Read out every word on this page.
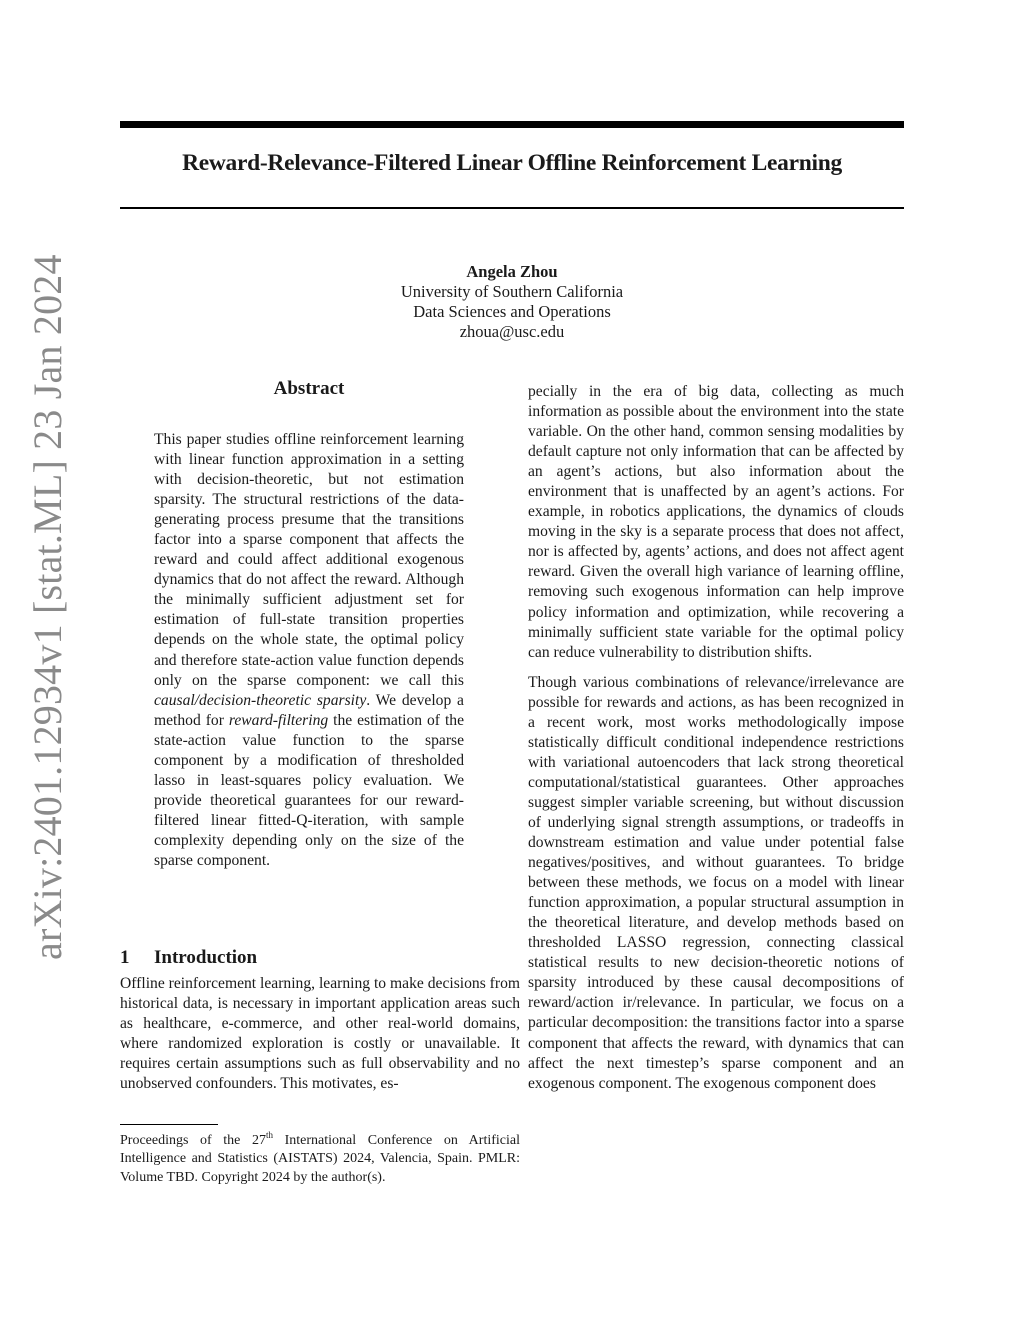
Reward-Relevance-Filtered Linear Offline Reinforcement Learning
Angela Zhou
University of Southern California
Data Sciences and Operations
zhoua@usc.edu
arXiv:2401.12934v1 [stat.ML] 23 Jan 2024	Abstract
This paper studies offline reinforcement learning with linear function approximation in a setting with decision-theoretic, but not estimation sparsity. The structural restrictions of the data-generating process presume that the transitions factor into a sparse component that affects the reward and could affect additional exogenous dynamics that do not affect the reward. Although the minimally sufficient adjustment set for estimation of full-state transition properties depends on the whole state, the optimal policy and therefore state-action value function depends only on the sparse component: we call this causal/decision-theoretic sparsity. We develop a method for reward-filtering the estimation of the state-action value function to the sparse component by a modification of thresholded lasso in least-squares policy evaluation. We provide theoretical guarantees for our reward-filtered linear fitted-Q-iteration, with sample complexity depending only on the size of the sparse component.
1 Introduction
Offline reinforcement learning, learning to make decisions from historical data, is necessary in important application areas such as healthcare, e-commerce, and other real-world domains, where randomized exploration is costly or unavailable. It requires certain assumptions such as full observability and no unobserved confounders. This motivates, es-
Proceedings of the 27th International Conference on Artificial Intelligence and Statistics (AISTATS) 2024, Valencia, Spain. PMLR: Volume TBD. Copyright 2024 by the author(s).

pecially in the era of big data, collecting as much information as possible about the environment into the state variable. On the other hand, common sensing modalities by default capture not only information that can be affected by an agent’s actions, but also information about the environment that is unaffected by an agent’s actions. For example, in robotics applications, the dynamics of clouds moving in the sky is a separate process that does not affect, nor is affected by, agents’ actions, and does not affect agent reward. Given the overall high variance of learning offline, removing such exogenous information can help improve policy information and optimization, while recovering a minimally sufficient state variable for the optimal policy can reduce vulnerability to distribution shifts.

Though various combinations of relevance/irrelevance are possible for rewards and actions, as has been recognized in a recent work, most works methodologically impose statistically difficult conditional independence restrictions with variational autoencoders that lack strong theoretical computational/statistical guarantees. Other approaches suggest simpler variable screening, but without discussion of underlying signal strength assumptions, or tradeoffs in downstream estimation and value under potential false negatives/positives, and without guarantees. To bridge between these methods, we focus on a model with linear function approximation, a popular structural assumption in the theoretical literature, and develop methods based on thresholded LASSO regression, connecting classical statistical results to new decision-theoretic notions of sparsity introduced by these causal decompositions of reward/action ir/relevance. In particular, we focus on a particular decomposition: the transitions factor into a sparse component that affects the reward, with dynamics that can affect the next timestep’s sparse component and an exogenous component. The exogenous component does
